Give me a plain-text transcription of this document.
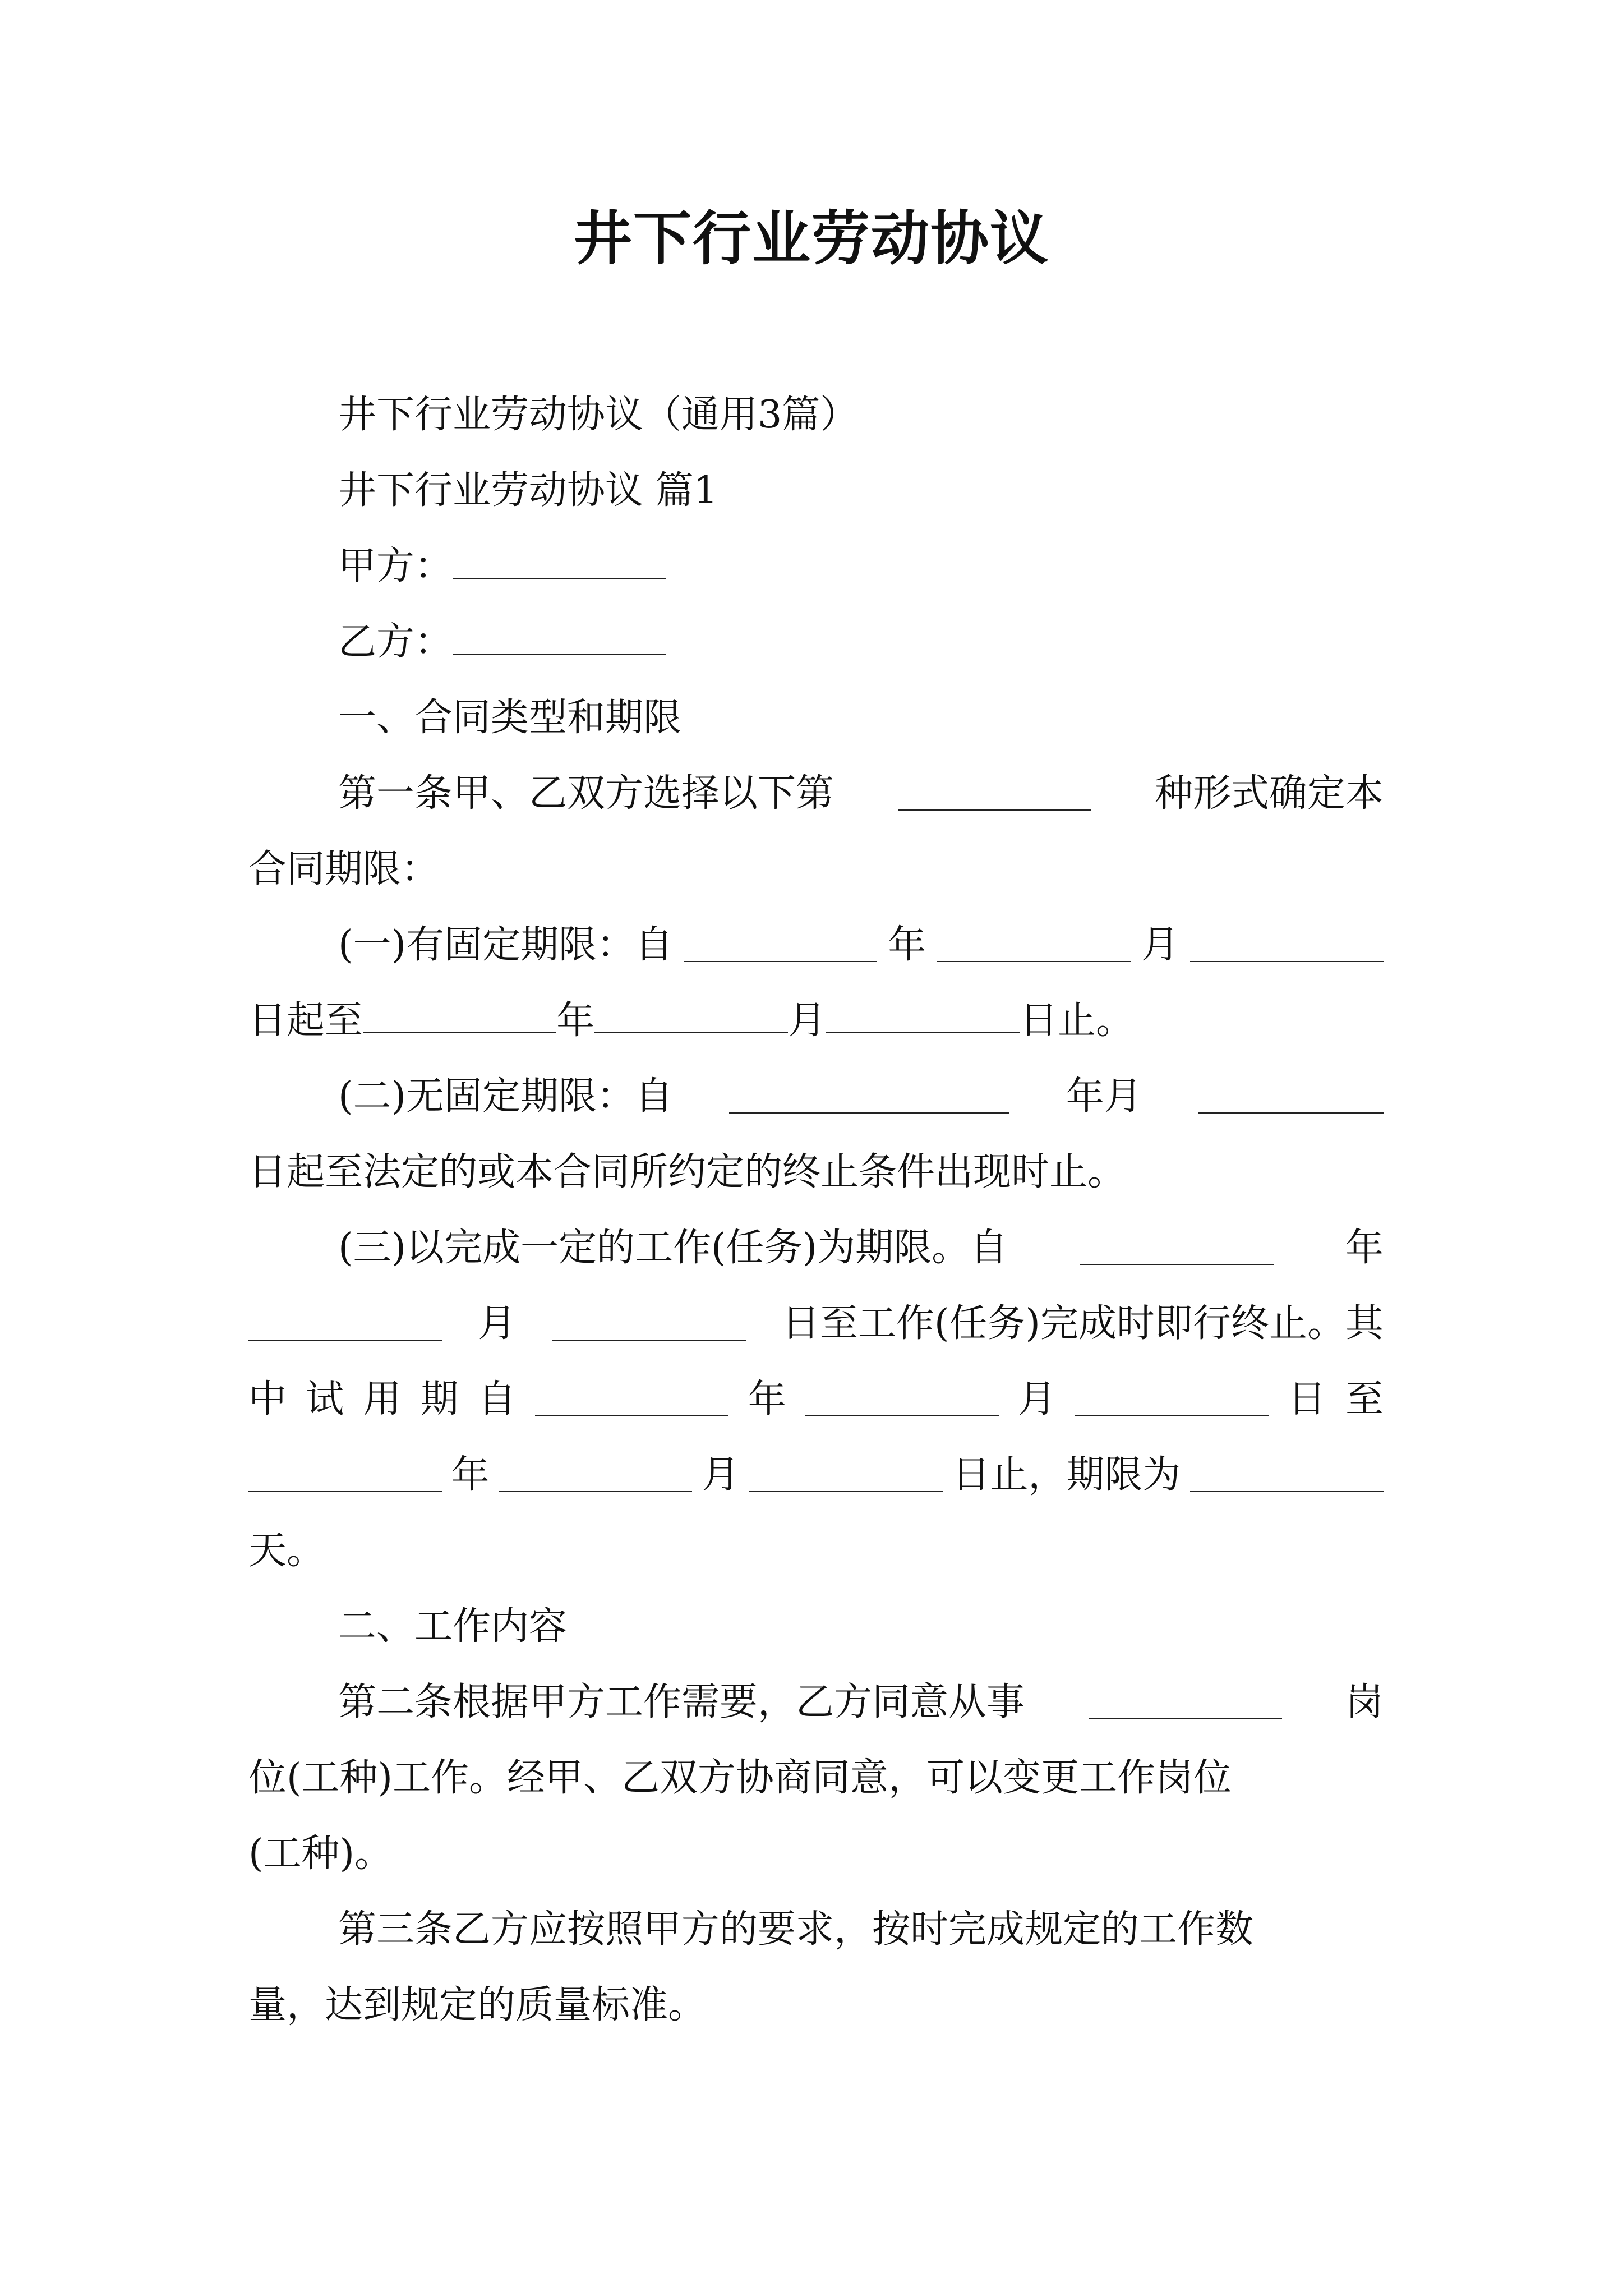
井下行业劳动协议
井下行业劳动协议（通用3篇）
井下行业劳动协议 篇1
甲方：
乙方：
一、合同类型和期限
第一条甲、乙双方选择以下第	种形式确定本
合同期限：
(一)有固定期限：自	年	月
日起至	年	月	日止。
(二)无固定期限：自	年月
日起至法定的或本合同所约定的终止条件出现时止。
(三)以完成一定的工作(任务)为期限。自	年
月	日至工作(任务)完成时即行终止。其
中 试 用 期 自	年	月	日 至
年	月	日止，期限为
天。
二、工作内容
第二条根据甲方工作需要，乙方同意从事	岗
位(工种)工作。经甲、乙双方协商同意，可以变更工作岗位
(工种)。
第三条乙方应按照甲方的要求，按时完成规定的工作数
量，达到规定的质量标准。
